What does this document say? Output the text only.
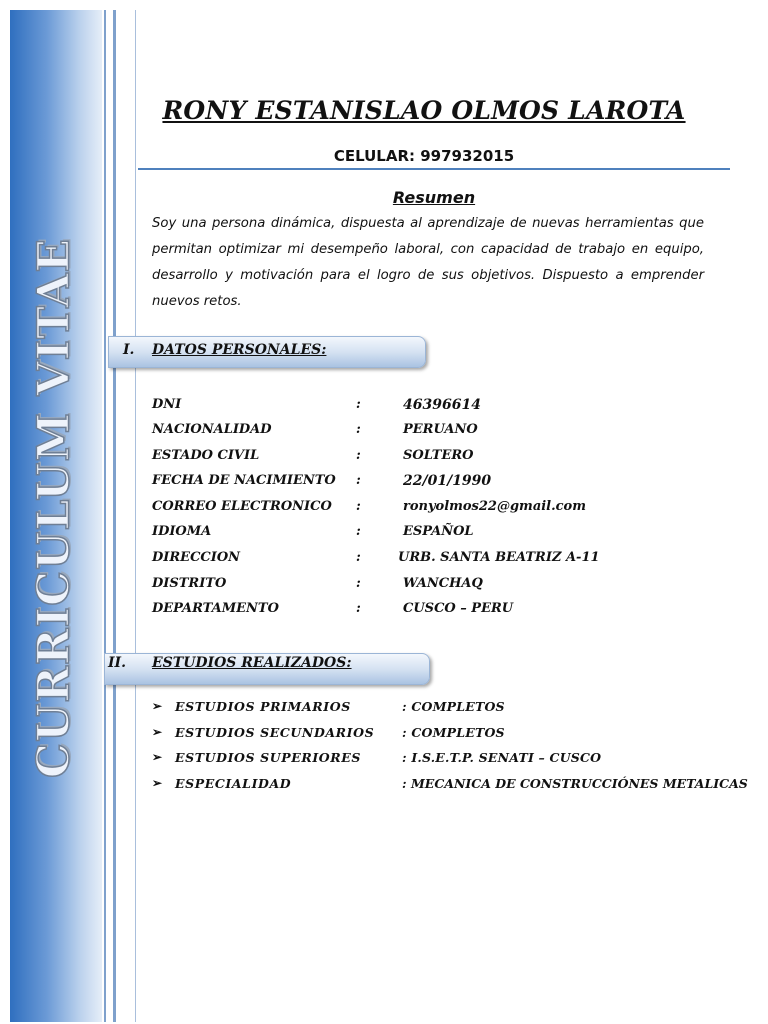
CURRICULUM VITAE
RONY ESTANISLAO OLMOS LAROTA
CELULAR: 997932015
Resumen
Soy una persona dinámica, dispuesta al aprendizaje de nuevas herramientas que permitan optimizar mi desempeño laboral, con capacidad de trabajo en equipo, desarrollo y motivación para el logro de sus objetivos. Dispuesto a emprender nuevos retos.
I. DATOS PERSONALES:
DNI	:	46396614
NACIONALIDAD	:	PERUANO
ESTADO CIVIL	:	SOLTERO
FECHA DE NACIMIENTO :	22/01/1990
CORREO ELECTRONICO :	ronyolmos22@gmail.com
IDIOMA	:	ESPAÑOL
DIRECCION	:	URB. SANTA BEATRIZ A-11
DISTRITO	:	WANCHAQ
DEPARTAMENTO	:	CUSCO – PERU
II. ESTUDIOS REALIZADOS:
➢ ESTUDIOS PRIMARIOS	: COMPLETOS
➢ ESTUDIOS SECUNDARIOS : COMPLETOS
➢ ESTUDIOS SUPERIORES	: I.S.E.T.P. SENATI – CUSCO
➢ ESPECIALIDAD	: MECANICA DE CONSTRUCCIÓNES METALICAS
